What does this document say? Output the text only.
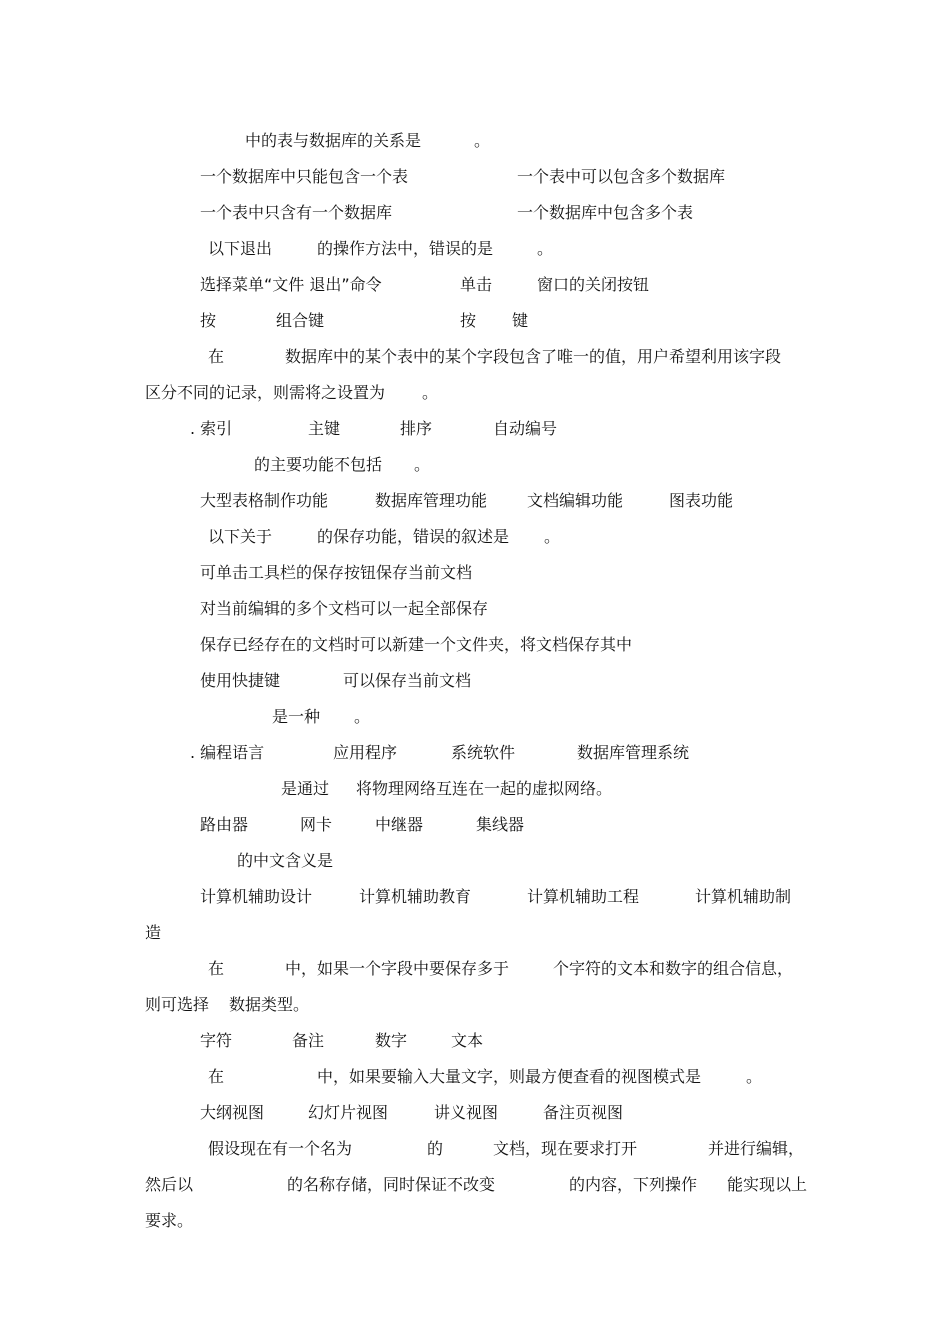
中的表与数据库的关系是	。
一个数据库中只能包含一个表	一个表中可以包含多个数据库
一个表中只含有一个数据库	一个数据库中包含多个表
以下退出	的操作方法中，错误的是	。
选择菜单“文件 退出”命令	单击	窗口的关闭按钮
按	组合键	按 键
在	数据库中的某个表中的某个字段包含了唯一的值，用户希望利用该字段
区分不同的记录，则需将之设置为 。
. 索引	主键	排序	自动编号
的主要功能不包括 。
大型表格制作功能	数据库管理功能 文档编辑功能	图表功能
以下关于	的保存功能，错误的叙述是 。
可单击工具栏的保存按钮保存当前文档
对当前编辑的多个文档可以一起全部保存
保存已经存在的文档时可以新建一个文件夹，将文档保存其中
使用快捷键	可以保存当前文档
是一种 。
. 编程语言	应用程序	系统软件	数据库管理系统
是通过 将物理网络互连在一起的虚拟网络。
路由器	网卡	中继器	集线器
的中文含义是
计算机辅助设计	计算机辅助教育	计算机辅助工程	计算机辅助制
造
在	中，如果一个字段中要保存多于	个字符的文本和数字的组合信息，
则可选择 数据类型。
字符	备注	数字	文本
在	中，如果要输入大量文字，则最方便查看的视图模式是	。
大纲视图	幻灯片视图	讲义视图	备注页视图
假设现在有一个名为	的	文档，现在要求打开	并进行编辑，
然后以	的名称存储，同时保证不改变	的内容，下列操作 能实现以上
要求。
